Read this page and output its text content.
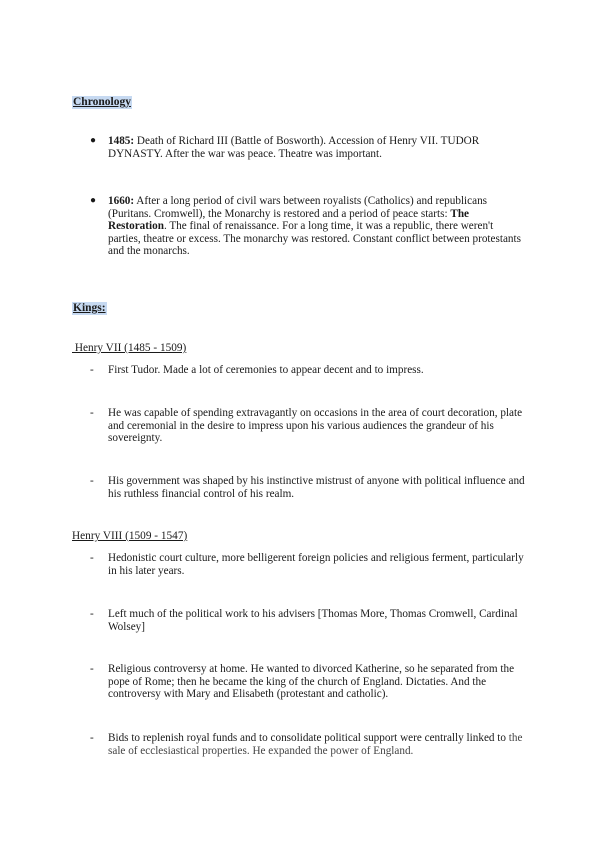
Chronology
● 1485: Death of Richard III (Battle of Bosworth). Accession of Henry VII. TUDOR DYNASTY. After the war was peace. Theatre was important.
● 1660: After a long period of civil wars between royalists (Catholics) and republicans (Puritans. Cromwell), the Monarchy is restored and a period of peace starts: The Restoration. The final of renaissance. For a long time, it was a republic, there weren't parties, theatre or excess. The monarchy was restored. Constant conflict between protestants and the monarchs.
Kings:
Henry VII (1485 - 1509)
- First Tudor. Made a lot of ceremonies to appear decent and to impress.
- He was capable of spending extravagantly on occasions in the area of court decoration, plate and ceremonial in the desire to impress upon his various audiences the grandeur of his sovereignty.
- His government was shaped by his instinctive mistrust of anyone with political influence and his ruthless financial control of his realm.
Henry VIII (1509 - 1547)
- Hedonistic court culture, more belligerent foreign policies and religious ferment, particularly in his later years.
- Left much of the political work to his advisers [Thomas More, Thomas Cromwell, Cardinal Wolsey]
- Religious controversy at home. He wanted to divorced Katherine, so he separated from the pope of Rome; then he became the king of the church of England. Dictaties. And the controversy with Mary and Elisabeth (protestant and catholic).
- Bids to replenish royal funds and to consolidate political support were centrally linked to the sale of ecclesiastical properties. He expanded the power of England.
